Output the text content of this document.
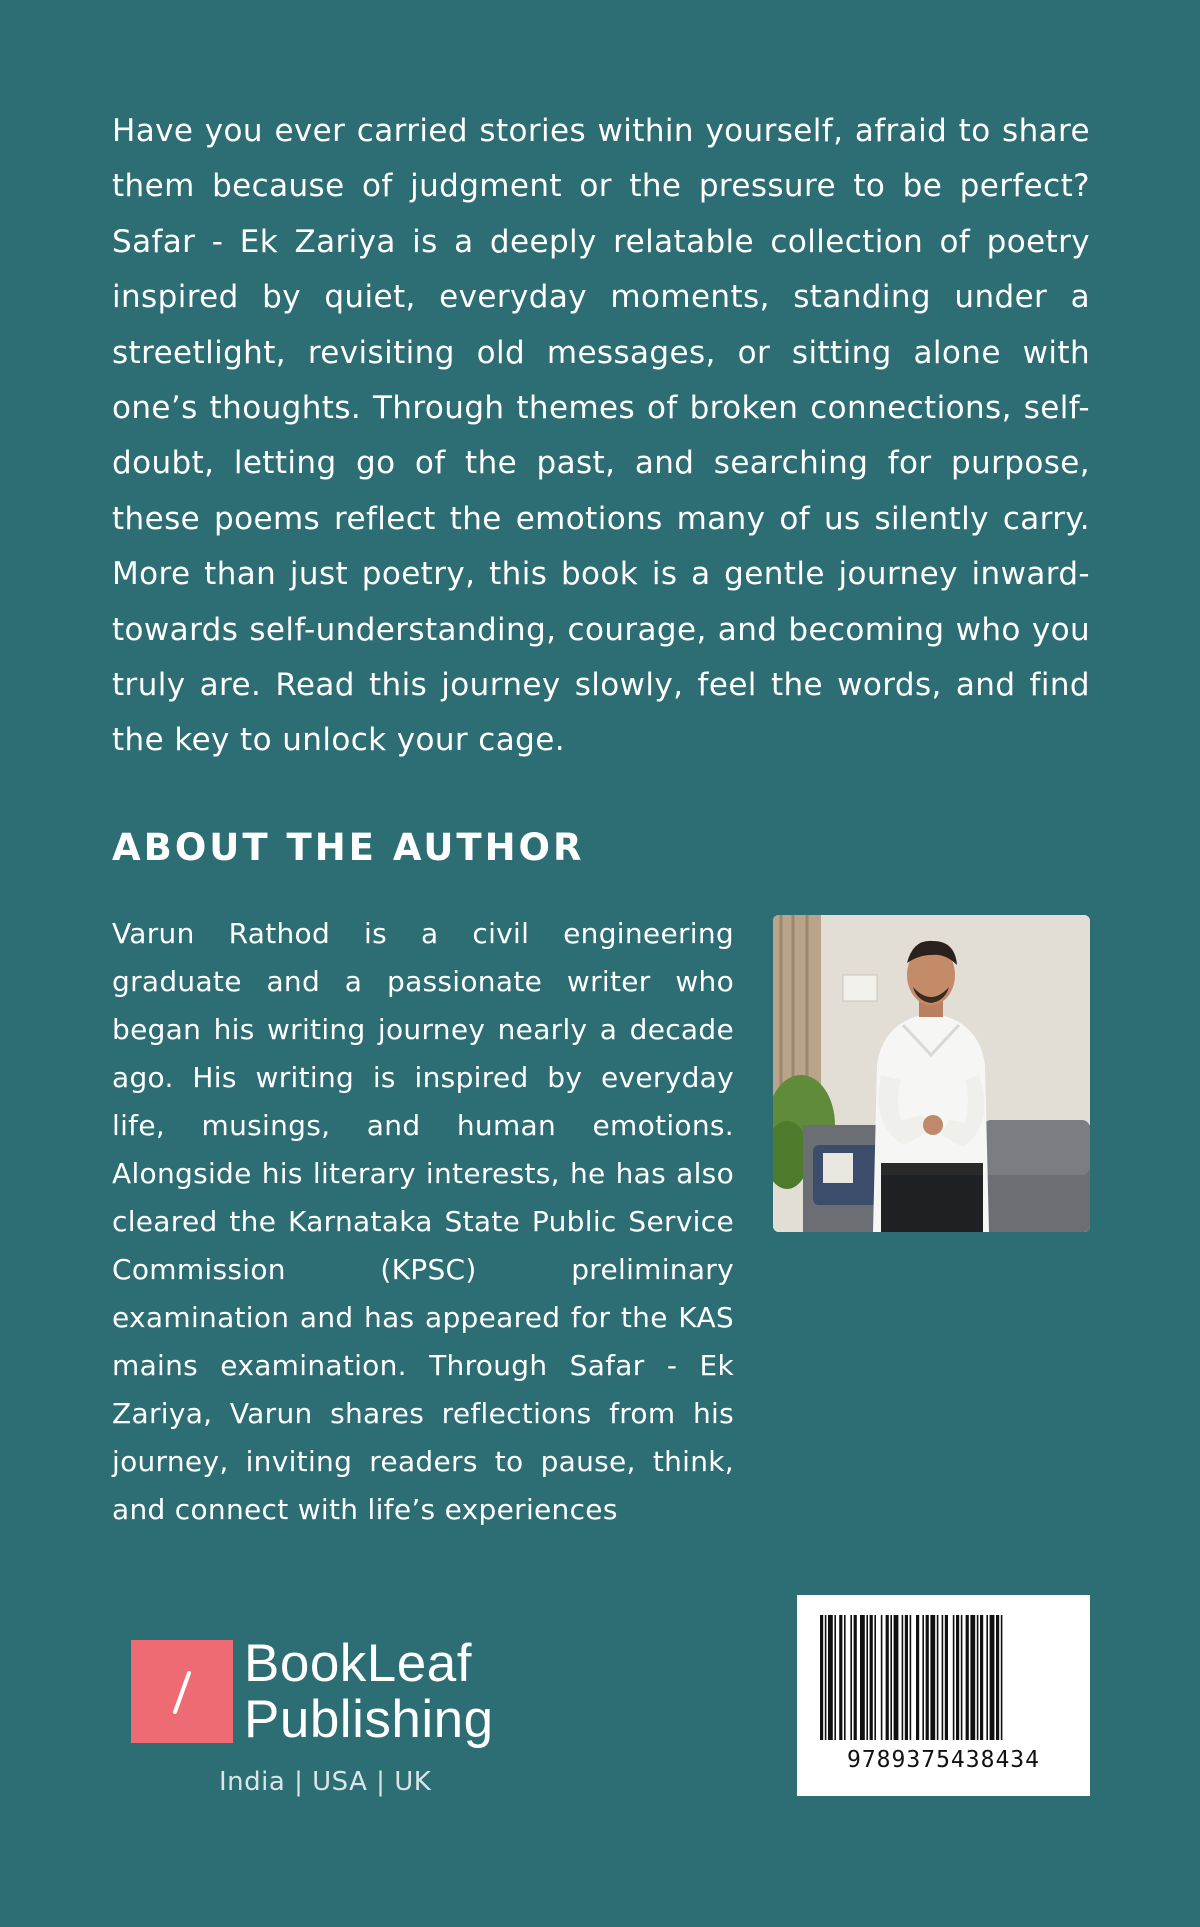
Have you ever carried stories within yourself, afraid to share them because of judgment or the pressure to be perfect? Safar - Ek Zariya is a deeply relatable collection of poetry inspired by quiet, everyday moments, standing under a streetlight, revisiting old messages, or sitting alone with one’s thoughts. Through themes of broken connections, self-doubt, letting go of the past, and searching for purpose, these poems reflect the emotions many of us silently carry. More than just poetry, this book is a gentle journey inward-towards self-understanding, courage, and becoming who you truly are. Read this journey slowly, feel the words, and find the key to unlock your cage.

ABOUT THE AUTHOR

Varun Rathod is a civil engineering graduate and a passionate writer who began his writing journey nearly a decade ago. His writing is inspired by everyday life, musings, and human emotions. Alongside his literary interests, he has also cleared the Karnataka State Public Service Commission (KPSC) preliminary examination and has appeared for the KAS mains examination. Through Safar - Ek Zariya, Varun shares reflections from his journey, inviting readers to pause, think, and connect with life’s experiences

BookLeaf
Publishing
India | USA | UK
9789375438434
